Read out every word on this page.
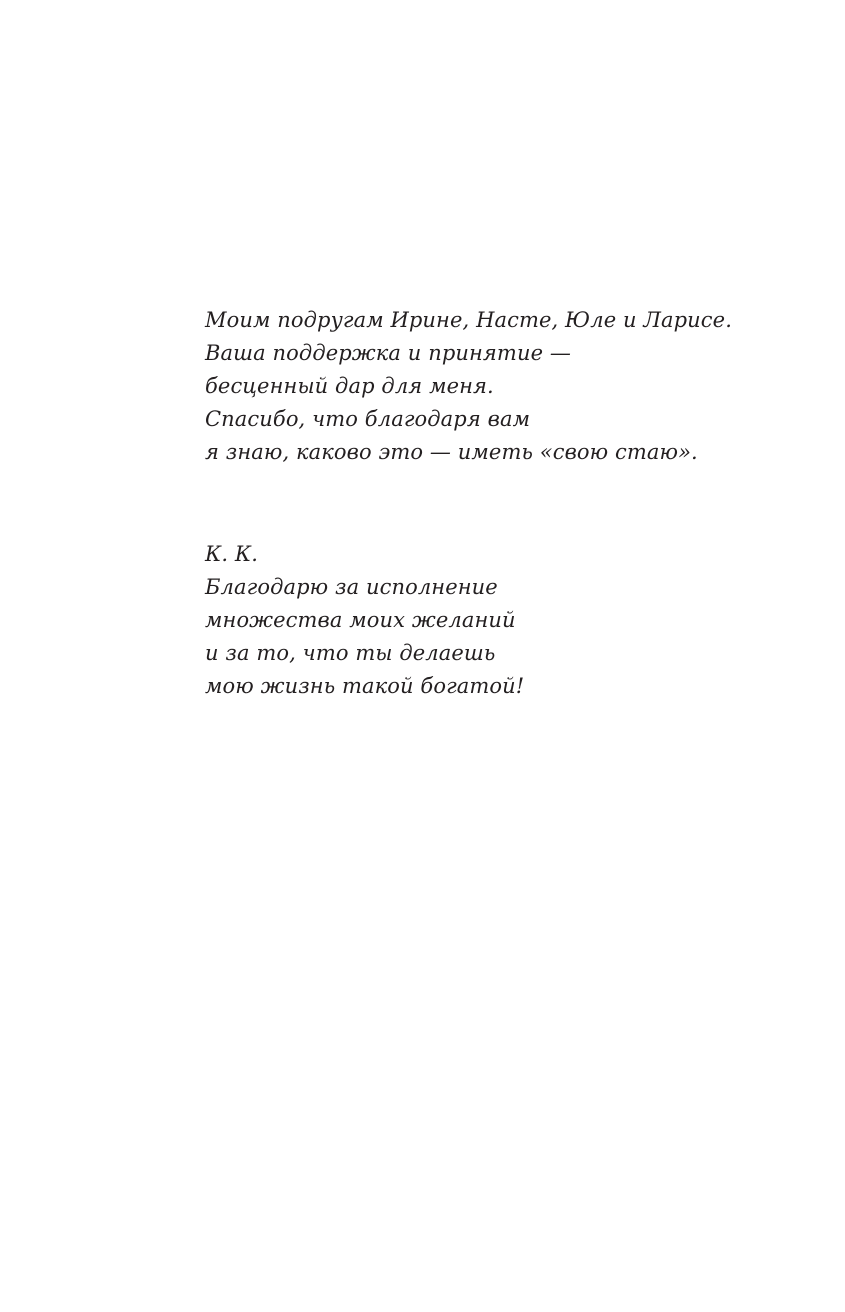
Моим подругам Ирине, Насте, Юле и Ларисе.
Ваша поддержка и принятие —
бесценный дар для меня.
Спасибо, что благодаря вам
я знаю, каково это — иметь «свою стаю».

К. К.
Благодарю за исполнение
множества моих желаний
и за то, что ты делаешь
мою жизнь такой богатой!
